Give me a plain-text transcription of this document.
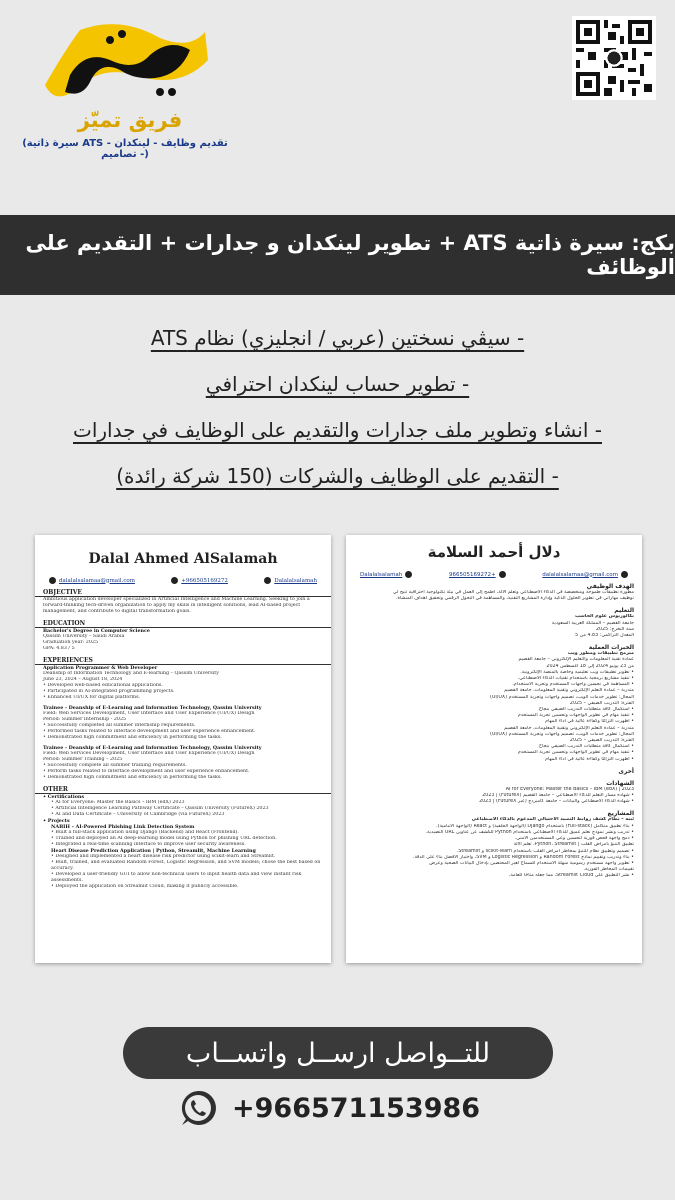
فريق تميّز
(سيرة ذاتية ATS - تقديم وظايف - لينكدان - تصاميم)
بكج: سيرة ذاتية ATS + تطوير لينكدان و جدارات + التقديم على الوظائف
- سيڤي نسختين (عربي / انجليزي) نظام ATS
- تطوير حساب لينكدان احترافي
- انشاء وتطوير ملف جدارات والتقديم على الوظايف في جدارات
- التقديم على الوظايف والشركات (150 شركة رائدة)
Dalal Ahmed AlSalamah
dalalalsalamaa@gmail.com	+966505169272	Dalalalsalamah
OBJECTIVE
Ambitious application developer specialized in Artificial Intelligence and Machine Learning. Seeking to join a
forward-thinking tech-driven organization to apply my skills in intelligent solutions, lead AI-based project
management, and contribute to digital transformation goals.
EDUCATION
Bachelor's Degree in Computer Science
Qassim University – Saudi Arabia
Graduation year: 2025
GPA: 4.83 / 5
EXPERIENCES
Application Programmer & Web Developer
Deanship of Information Technology and E-learning – Qassim University
June 23, 2024 – August 18, 2024
• Developed web-based educational applications.
• Participated in AI-integrated programming projects.
• Enhanced UI/UX for digital platforms.
Trainee - Deanship of E-Learning and Information Technology, Qassim University
Field: Web Services Development, User Interface and User Experience (UI/UX) Design
Period: Summer Internship - 2025
• Successfully completed all summer internship requirements.
• Performed tasks related to interface development and user experience enhancement.
• Demonstrated high commitment and efficiency in performing the tasks.
Trainee - Deanship of E-Learning and Information Technology, Qassim University
Field: Web Services Development, User Interface and User Experience (UI/UX) Design
Period: Summer Training – 2025
• Successfully complete all summer training requirements.
• Perform tasks related to interface development and user experience enhancement.
• Demonstrated high commitment and efficiency in performing the tasks.
OTHER
• Certifications
• AI for Everyone: Master the Basics – IBM (edX) 2023
• Artificial Intelligence Learning Pathway Certificate – Qassim University (FutureX) 2023
• AI and Data Certificate – University of Cambridge (via FutureX) 2023
• Projects
NABIH – AI-Powered Phishing Link Detection System
• Built a full-stack application using Django (Backend) and React (Frontend).
• Trained and deployed an AI deep-learning model using Python for phishing URL detection.
• Integrated a real-time scanning interface to improve user security awareness.
Heart Disease Prediction Application | Python, Streamlit, Machine Learning
• Designed and implemented a heart disease risk predictor using scikit-learn and Streamlit.
• Built, trained, and evaluated Random Forest, Logistic Regression, and SVM models; chose the best based on
accuracy.
• Developed a user-friendly GUI to allow non-technical users to input health data and view instant risk
assessments.
• Deployed the application on Streamlit Cloud, making it publicly accessible.
دلال أحمد السلامة
dalalalsalamaa@gmail.com
+966505169272
Dalalalsalamah
الهدف الوظيفي
مطورة تطبيقات طموحة ومتخصصة في الذكاء الاصطناعي وتعلم الآلة، أطمح إلى العمل في بيئة تكنولوجية احترافية تتيح لي
توظيف مهاراتي في تطوير الحلول الذكية وإدارة المشاريع التقنية، والمساهمة في التحول الرقمي وتحقيق أهداف المنشأة.
التعليم
بكالوريوس علوم الحاسب
جامعة القصيم – المملكة العربية السعودية
سنة التخرج: 2025
المعدل التراكمي: 4.83 من 5
الخبرات العملية
مبرمج تطبيقات ومطور ويب
عمادة تقنية المعلومات والتعليم الإلكتروني – جامعة القصيم
من 23 يونيو 2024 إلى 18 أغسطس 2024
• تطوير تطبيقات ويب تعليمية وخاصة بالمنصة الإلكترونية.
• تنفيذ مشاريع برمجية باستخدام تقنيات الذكاء الاصطناعي.
• المساهمة في تحسين واجهات المستخدم وتجربة الاستخدام.
متدربة – عمادة التعلم الإلكتروني وتقنية المعلومات، جامعة القصيم
المجال: تطوير خدمات الويب، تصميم واجهات وتجربة المستخدم (UI/UX)
الفترة: التدريب الصيفي – 2025
• استكمال كافة متطلبات التدريب الصيفي بنجاح
• تنفيذ مهام في تطوير الواجهات وتحسين تجربة المستخدم
• أظهرت التزامًا وكفاءة عالية في أداء المهام
متدربة – عمادة التعلم الإلكتروني وتقنية المعلومات، جامعة القصيم
المجال: تطوير خدمات الويب، تصميم واجهات وتجربة المستخدم (UI/UX)
الفترة: التدريب الصيفي – 2025
• استكمال كافة متطلبات التدريب الصيفي بنجاح
• تنفيذ مهام في تطوير الواجهات وتحسين تجربة المستخدم
• أظهرت التزامًا وكفاءة عالية في أداء المهام
أخرى
الشهادات
AI for Everyone: Master the Basics – IBM (edX) | 2023
• شهادة مسار التعلم للذكاء الاصطناعي – جامعة القصيم (FutureX) | 2023
• شهادة الذكاء الاصطناعي والبيانات – جامعة كامبردج (عبر FutureX) | 2023
المشاريع
نُبيه – نظام كشف روابط التصيد الاحتيالي المدعوم بالذكاء الاصطناعي
• بناء تطبيق متكامل (Full-stack) باستخدام Django (الواجهة الخلفية) و React (الواجهة الأمامية).
• تدريب ونشر نموذج تعلم عميق للذكاء الاصطناعي باستخدام Python للكشف عن عناوين URL التصيدية.
• دمج واجهة فحص فورية لتحسين وعي المستخدمين الأمني.
تطبيق التنبؤ بأمراض القلب | Python، Streamlit، تعلم الآلة
• تصميم وتطبيق نظام للتنبؤ بمخاطر أمراض القلب باستخدام scikit-learn و Streamlit.
• بناء وتدريب وتقييم نماذج Random Forest و Logistic Regression و SVM، واختيار الأفضل بناءً على الدقة.
• تطوير واجهة مستخدم رسومية سهلة الاستخدام للسماح لغير المختصين بإدخال البيانات الصحية وعرض
تقييمات المخاطر الفورية.
• نشر التطبيق على Streamlit Cloud، مما جعله متاحًا للعامة.
للتــواصل ارســل واتســاب
+966571153986
